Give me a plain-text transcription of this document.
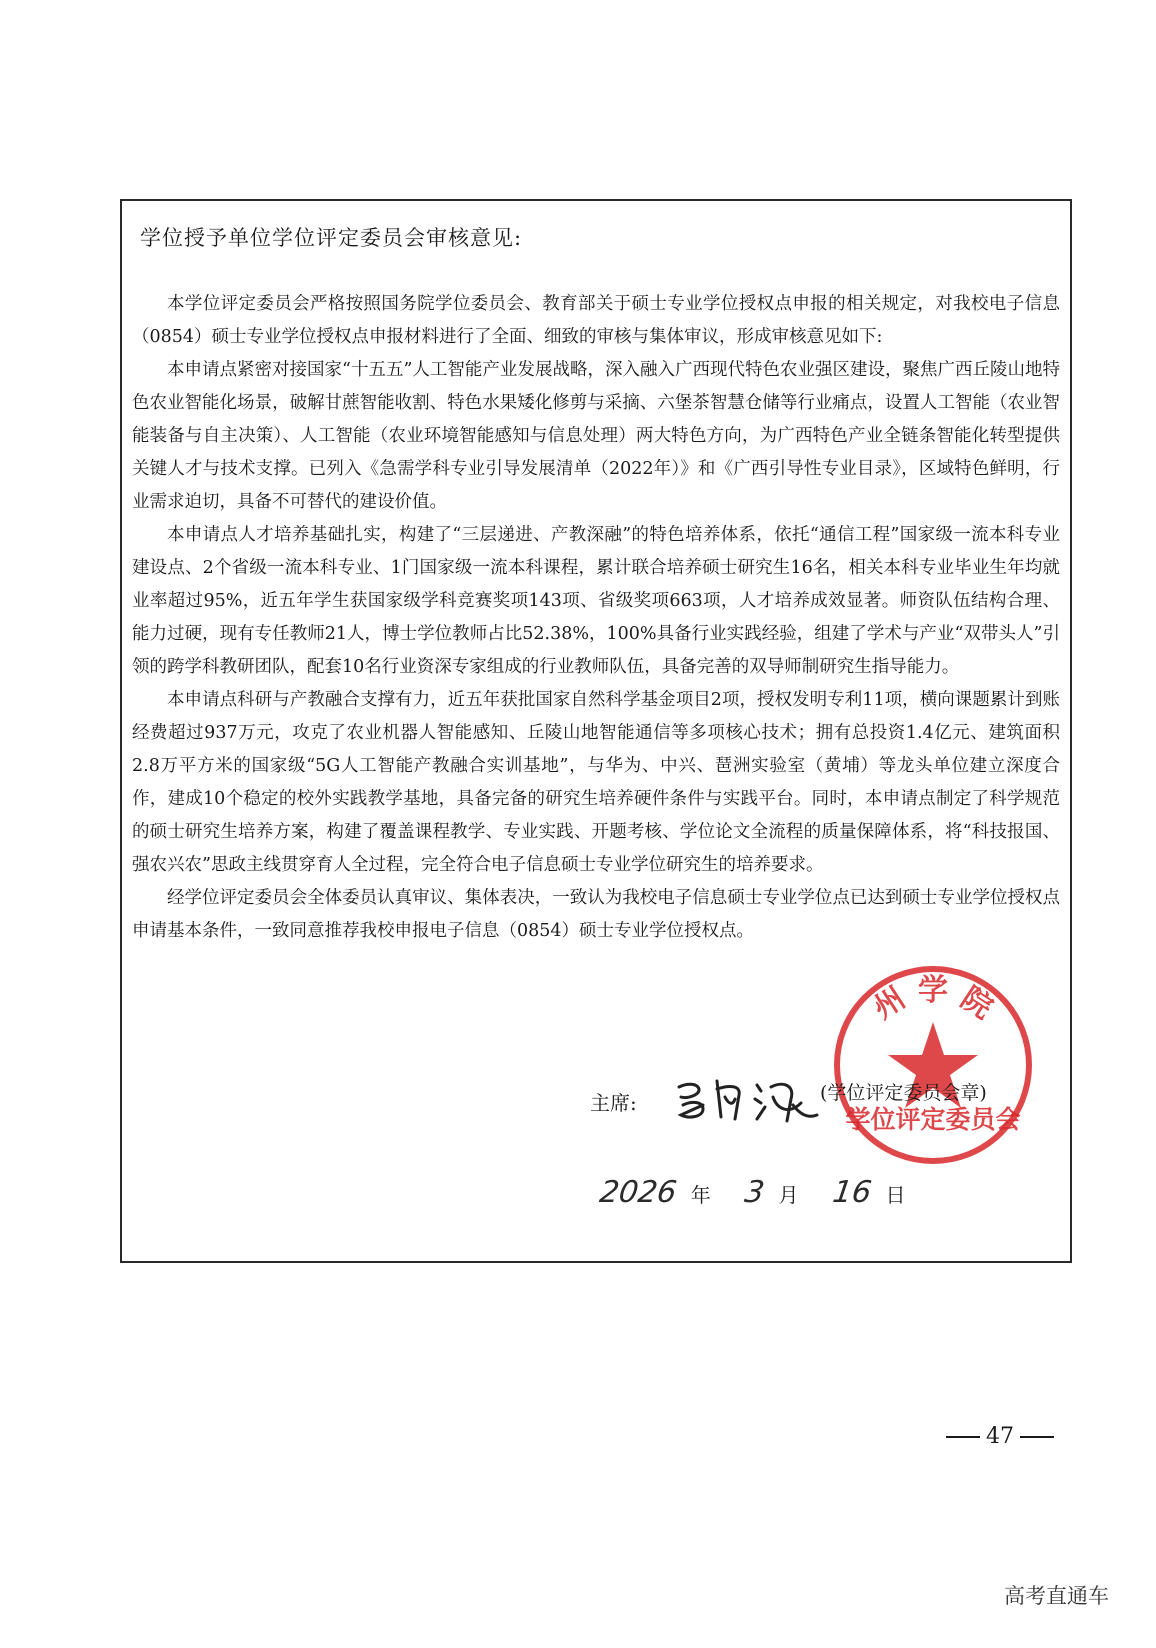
学位授予单位学位评定委员会审核意见:

本学位评定委员会严格按照国务院学位委员会、教育部关于硕士专业学位授权点申报的相关规定，对我校电子信息（0854）硕士专业学位授权点申报材料进行了全面、细致的审核与集体审议，形成审核意见如下:

本申请点紧密对接国家“十五五”人工智能产业发展战略，深入融入广西现代特色农业强区建设，聚焦广西丘陵山地特色农业智能化场景，破解甘蔗智能收割、特色水果矮化修剪与采摘、六堡茶智慧仓储等行业痛点，设置人工智能（农业智能装备与自主决策）、人工智能（农业环境智能感知与信息处理）两大特色方向，为广西特色产业全链条智能化转型提供关键人才与技术支撑。已列入《急需学科专业引导发展清单（2022年）》和《广西引导性专业目录》，区域特色鲜明，行业需求迫切，具备不可替代的建设价值。

本申请点人才培养基础扎实，构建了“三层递进、产教深融”的特色培养体系，依托“通信工程”国家级一流本科专业建设点、2个省级一流本科专业、1门国家级一流本科课程，累计联合培养硕士研究生16名，相关本科专业毕业生年均就业率超过95%，近五年学生获国家级学科竞赛奖项143项、省级奖项663项，人才培养成效显著。师资队伍结构合理、能力过硬，现有专任教师21人，博士学位教师占比52.38%，100%具备行业实践经验，组建了学术与产业“双带头人”引领的跨学科教研团队，配套10名行业资深专家组成的行业教师队伍，具备完善的双导师制研究生指导能力。

本申请点科研与产教融合支撑有力，近五年获批国家自然科学基金项目2项，授权发明专利11项，横向课题累计到账经费超过937万元，攻克了农业机器人智能感知、丘陵山地智能通信等多项核心技术；拥有总投资1.4亿元、建筑面积2.8万平方米的国家级“5G人工智能产教融合实训基地”，与华为、中兴、琶洲实验室（黄埔）等龙头单位建立深度合作，建成10个稳定的校外实践教学基地，具备完备的研究生培养硬件条件与实践平台。同时，本申请点制定了科学规范的硕士研究生培养方案，构建了覆盖课程教学、专业实践、开题考核、学位论文全流程的质量保障体系，将“科技报国、强农兴农”思政主线贯穿育人全过程，完全符合电子信息硕士专业学位研究生的培养要求。

经学位评定委员会全体委员认真审议、集体表决，一致认为我校电子信息硕士专业学位点已达到硕士专业学位授权点申请基本条件，一致同意推荐我校申报电子信息（0854）硕士专业学位授权点。

州 学 院
学位评定委员会
主席:	(学位评定委员会章)
2026 年 3 月 16 日
47
高考直通车
